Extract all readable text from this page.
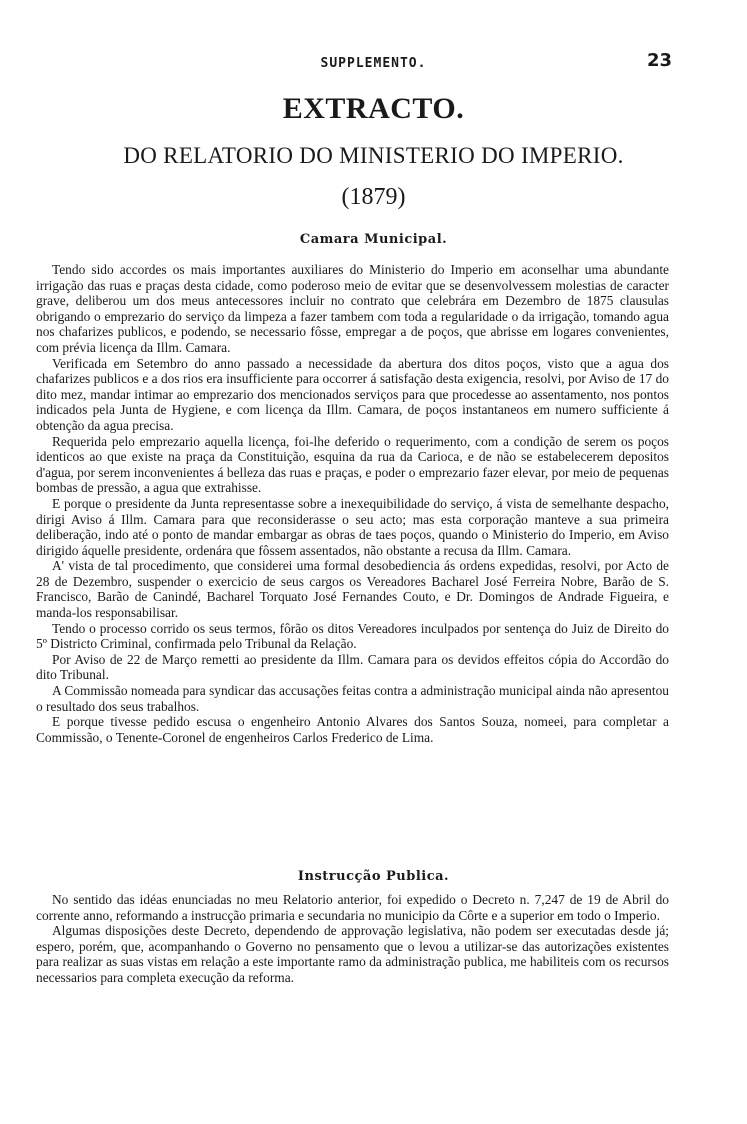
SUPPLEMENTO.	23
EXTRACTO.
DO RELATORIO DO MINISTERIO DO IMPERIO.
(1879)
Camara Municipal.

Tendo sido accordes os mais importantes auxiliares do Ministerio do Imperio em aconselhar uma abundante irrigação das ruas e praças desta cidade, como poderoso meio de evitar que se desenvolvessem molestias de caracter grave, deliberou um dos meus antecessores incluir no contrato que celebrára em Dezembro de 1875 clausulas obrigando o emprezario do serviço da limpeza a fazer tambem com toda a regularidade o da irrigação, tomando agua nos chafarizes publicos, e podendo, se necessario fôsse, empregar a de poços, que abrisse em logares convenientes, com prévia licença da Illm. Camara.

Verificada em Setembro do anno passado a necessidade da abertura dos ditos poços, visto que a agua dos chafarizes publicos e a dos rios era insufficiente para occorrer á satisfação desta exigencia, resolvi, por Aviso de 17 do dito mez, mandar intimar ao emprezario dos mencionados serviços para que procedesse ao assentamento, nos pontos indicados pela Junta de Hygiene, e com licença da Illm. Camara, de poços instantaneos em numero sufficiente á obtenção da agua precisa.

Requerida pelo emprezario aquella licença, foi-lhe deferido o requerimento, com a condição de serem os poços identicos ao que existe na praça da Constituição, esquina da rua da Carioca, e de não se estabelecerem depositos d'agua, por serem inconvenientes á belleza das ruas e praças, e poder o emprezario fazer elevar, por meio de pequenas bombas de pressão, a agua que extrahisse.

E porque o presidente da Junta representasse sobre a inexequibilidade do serviço, á vista de semelhante despacho, dirigi Aviso á Illm. Camara para que reconsiderasse o seu acto; mas esta corporação manteve a sua primeira deliberação, indo até o ponto de mandar embargar as obras de taes poços, quando o Ministerio do Imperio, em Aviso dirigido áquelle presidente, ordenára que fôssem assentados, não obstante a recusa da Illm. Camara.

A' vista de tal procedimento, que considerei uma formal desobediencia ás ordens expedidas, resolvi, por Acto de 28 de Dezembro, suspender o exercicio de seus cargos os Vereadores Bacharel José Ferreira Nobre, Barão de S. Francisco, Barão de Canindé, Bacharel Torquato José Fernandes Couto, e Dr. Domingos de Andrade Figueira, e manda-los responsabilisar.

Tendo o processo corrido os seus termos, fôrão os ditos Vereadores inculpados por sentença do Juiz de Direito do 5º Districto Criminal, confirmada pelo Tribunal da Relação.

Por Aviso de 22 de Março remetti ao presidente da Illm. Camara para os devidos effeitos cópia do Accordão do dito Tribunal.

A Commissão nomeada para syndicar das accusações feitas contra a administração municipal ainda não apresentou o resultado dos seus trabalhos.

E porque tivesse pedido escusa o engenheiro Antonio Alvares dos Santos Souza, nomeei, para completar a Commissão, o Tenente-Coronel de engenheiros Carlos Frederico de Lima.

Instrucção Publica.

No sentido das idéas enunciadas no meu Relatorio anterior, foi expedido o Decreto n. 7,247 de 19 de Abril do corrente anno, reformando a instrucção primaria e secundaria no municipio da Côrte e a superior em todo o Imperio.

Algumas disposições deste Decreto, dependendo de approvação legislativa, não podem ser executadas desde já; espero, porém, que, acompanhando o Governo no pensamento que o levou a utilizar-se das autorizações existentes para realizar as suas vistas em relação a este importante ramo da administração publica, me habiliteis com os recursos necessarios para completa execução da reforma.
